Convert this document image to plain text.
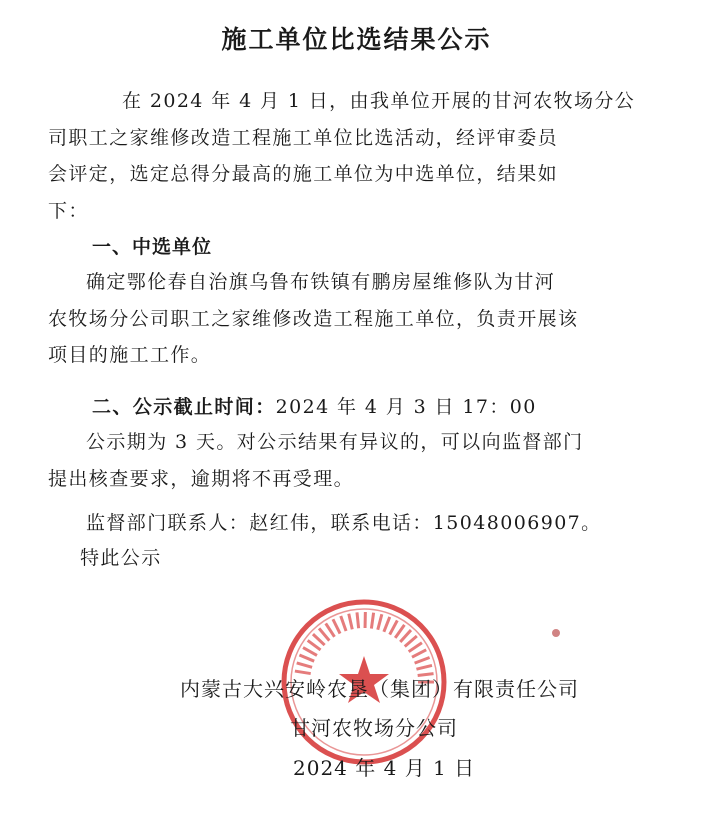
施工单位比选结果公示
在 2024 年 4 月 1 日，由我单位开展的甘河农牧场分公
司职工之家维修改造工程施工单位比选活动，经评审委员
会评定，选定总得分最高的施工单位为中选单位，结果如
下：
一、中选单位
确定鄂伦春自治旗乌鲁布铁镇有鹏房屋维修队为甘河
农牧场分公司职工之家维修改造工程施工单位，负责开展该
项目的施工工作。
二、公示截止时间：2024 年 4 月 3 日 17：00
公示期为 3 天。对公示结果有异议的，可以向监督部门
提出核查要求，逾期将不再受理。
监督部门联系人：赵红伟，联系电话：15048006907。
特此公示
内蒙古大兴安岭农垦（集团）有限责任公司
甘河农牧场分公司
2024 年 4 月 1 日
